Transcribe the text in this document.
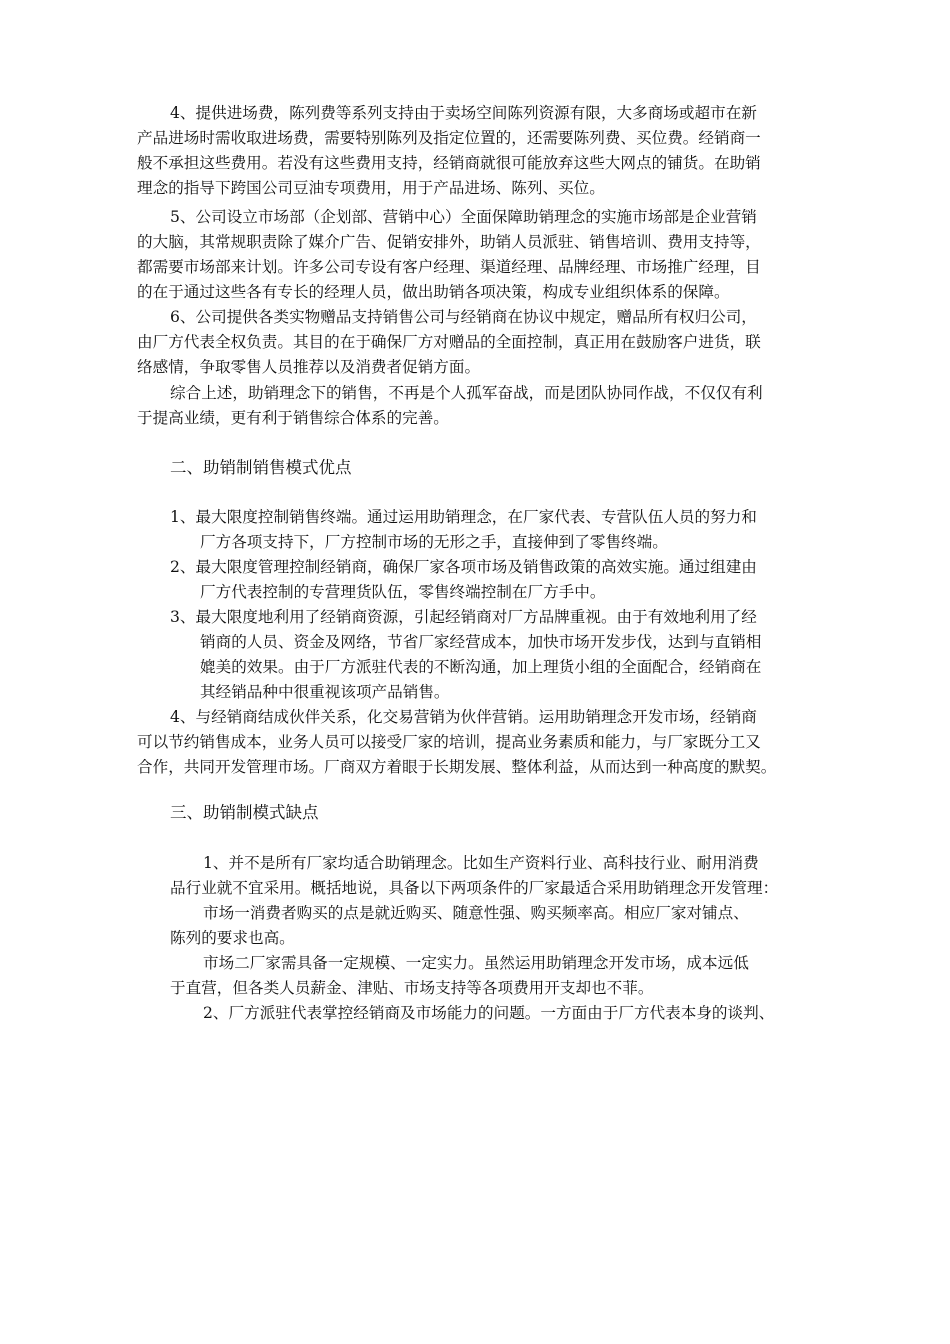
4、提供进场费，陈列费等系列支持由于卖场空间陈列资源有限，大多商场或超市在新
产品进场时需收取进场费，需要特别陈列及指定位置的，还需要陈列费、买位费。经销商一
般不承担这些费用。若没有这些费用支持，经销商就很可能放弃这些大网点的铺货。在助销
理念的指导下跨国公司豆油专项费用，用于产品进场、陈列、买位。
5、公司设立市场部（企划部、营销中心）全面保障助销理念的实施市场部是企业营销
的大脑，其常规职责除了媒介广告、促销安排外，助销人员派驻、销售培训、费用支持等，
都需要市场部来计划。许多公司专设有客户经理、渠道经理、品牌经理、市场推广经理，目
的在于通过这些各有专长的经理人员，做出助销各项决策，构成专业组织体系的保障。
6、公司提供各类实物赠品支持销售公司与经销商在协议中规定，赠品所有权归公司，
由厂方代表全权负责。其目的在于确保厂方对赠品的全面控制，真正用在鼓励客户进货，联
络感情，争取零售人员推荐以及消费者促销方面。
综合上述，助销理念下的销售，不再是个人孤军奋战，而是团队协同作战，不仅仅有利
于提高业绩，更有利于销售综合体系的完善。
二、助销制销售模式优点
1、最大限度控制销售终端。通过运用助销理念，在厂家代表、专营队伍人员的努力和
厂方各项支持下，厂方控制市场的无形之手，直接伸到了零售终端。
2、最大限度管理控制经销商，确保厂家各项市场及销售政策的高效实施。通过组建由
厂方代表控制的专营理货队伍，零售终端控制在厂方手中。
3、最大限度地利用了经销商资源，引起经销商对厂方品牌重视。由于有效地利用了经
销商的人员、资金及网络，节省厂家经营成本，加快市场开发步伐，达到与直销相
媲美的效果。由于厂方派驻代表的不断沟通，加上理货小组的全面配合，经销商在
其经销品种中很重视该项产品销售。
4、与经销商结成伙伴关系，化交易营销为伙伴营销。运用助销理念开发市场，经销商
可以节约销售成本，业务人员可以接受厂家的培训，提高业务素质和能力，与厂家既分工又
合作，共同开发管理市场。厂商双方着眼于长期发展、整体利益，从而达到一种高度的默契。
三、助销制模式缺点
1、并不是所有厂家均适合助销理念。比如生产资料行业、高科技行业、耐用消费
品行业就不宜采用。概括地说，具备以下两项条件的厂家最适合采用助销理念开发管理：
市场一消费者购买的点是就近购买、随意性强、购买频率高。相应厂家对铺点、
陈列的要求也高。
市场二厂家需具备一定规模、一定实力。虽然运用助销理念开发市场，成本远低
于直营，但各类人员薪金、津贴、市场支持等各项费用开支却也不菲。
2、厂方派驻代表掌控经销商及市场能力的问题。一方面由于厂方代表本身的谈判、
